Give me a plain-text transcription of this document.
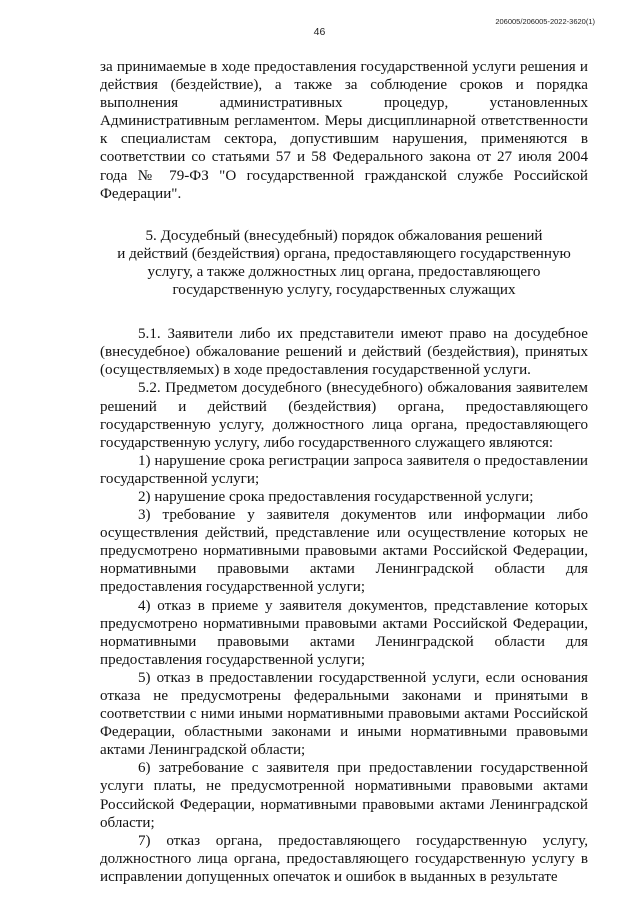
46
206005/206005-2022-3620(1)

за принимаемые в ходе предоставления государственной услуги решения и действия (бездействие), а также за соблюдение сроков и порядка выполнения административных процедур, установленных Административным регламентом. Меры дисциплинарной ответственности к специалистам сектора, допустившим нарушения, применяются в соответствии со статьями 57 и 58 Федерального закона от 27 июля 2004 года № 79-ФЗ "О государственной гражданской службе Российской Федерации".

5. Досудебный (внесудебный) порядок обжалования решений
и действий (бездействия) органа, предоставляющего государственную
услугу, а также должностных лиц органа, предоставляющего
государственную услугу, государственных служащих

5.1. Заявители либо их представители имеют право на досудебное (внесудебное) обжалование решений и действий (бездействия), принятых (осуществляемых) в ходе предоставления государственной услуги.

5.2. Предметом досудебного (внесудебного) обжалования заявителем решений и действий (бездействия) органа, предоставляющего государственную услугу, должностного лица органа, предоставляющего государственную услугу, либо государственного служащего являются:

1) нарушение срока регистрации запроса заявителя о предоставлении государственной услуги;

2) нарушение срока предоставления государственной услуги;

3) требование у заявителя документов или информации либо осуществления действий, представление или осуществление которых не предусмотрено нормативными правовыми актами Российской Федерации, нормативными правовыми актами Ленинградской области для предоставления государственной услуги;

4) отказ в приеме у заявителя документов, представление которых предусмотрено нормативными правовыми актами Российской Федерации, нормативными правовыми актами Ленинградской области для предоставления государственной услуги;

5) отказ в предоставлении государственной услуги, если основания отказа не предусмотрены федеральными законами и принятыми в соответствии с ними иными нормативными правовыми актами Российской Федерации, областными законами и иными нормативными правовыми актами Ленинградской области;

6) затребование с заявителя при предоставлении государственной услуги платы, не предусмотренной нормативными правовыми актами Российской Федерации, нормативными правовыми актами Ленинградской области;

7) отказ органа, предоставляющего государственную услугу, должностного лица органа, предоставляющего государственную услугу в исправлении допущенных опечаток и ошибок в выданных в результате
